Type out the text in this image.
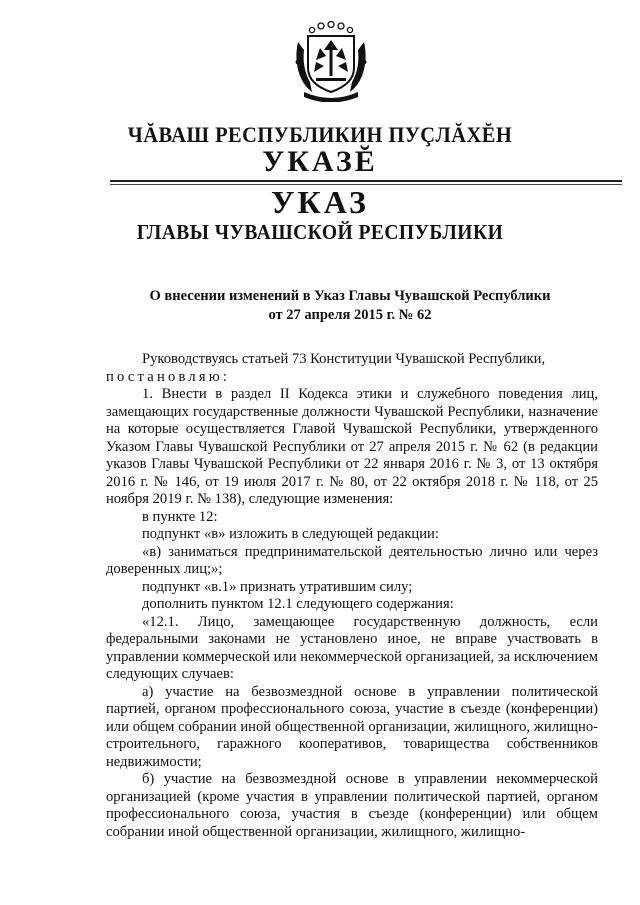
ЧĂВАШ РЕСПУБЛИКИН ПУÇЛĂХĔН
УКАЗĔ
УКАЗ
ГЛАВЫ ЧУВАШСКОЙ РЕСПУБЛИКИ
О внесении изменений в Указ Главы Чувашской Республики
от 27 апреля 2015 г. № 62

Руководствуясь статьей 73 Конституции Чувашской Республики,

постановляю:

1. Внести в раздел II Кодекса этики и служебного поведения лиц, замещающих государственные должности Чувашской Республики, назначение на которые осуществляется Главой Чувашской Республики, утвержденного Указом Главы Чувашской Республики от 27 апреля 2015 г. № 62 (в редакции указов Главы Чувашской Республики от 22 января 2016 г. № 3, от 13 октября 2016 г. № 146, от 19 июля 2017 г. № 80, от 22 октября 2018 г. № 118, от 25 ноября 2019 г. № 138), следующие изменения:

в пункте 12:

подпункт «в» изложить в следующей редакции:

«в) заниматься предпринимательской деятельностью лично или через доверенных лиц;»;

подпункт «в.1» признать утратившим силу;

дополнить пунктом 12.1 следующего содержания:

«12.1. Лицо, замещающее государственную должность, если федеральными законами не установлено иное, не вправе участвовать в управлении коммерческой или некоммерческой организацией, за исключением следующих случаев:

а) участие на безвозмездной основе в управлении политической партией, органом профессионального союза, участие в съезде (конференции) или общем собрании иной общественной организации, жилищного, жилищно-строительного, гаражного кооперативов, товарищества собственников недвижимости;

б) участие на безвозмездной основе в управлении некоммерческой организацией (кроме участия в управлении политической партией, органом профессионального союза, участия в съезде (конференции) или общем собрании иной общественной организации, жилищного, жилищно-
